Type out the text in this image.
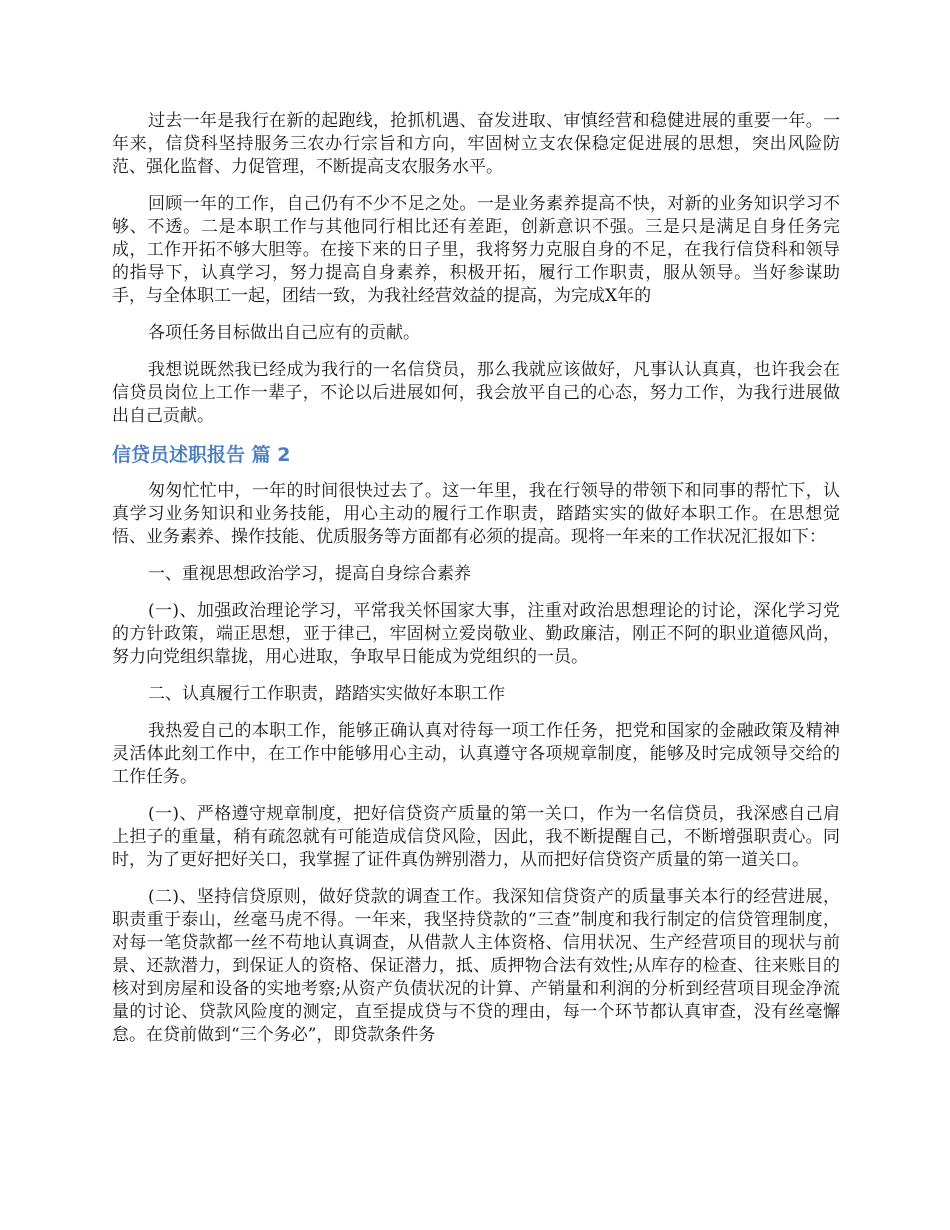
过去一年是我行在新的起跑线，抢抓机遇、奋发进取、审慎经营和稳健进展的重要一年。一年来，信贷科坚持服务三农办行宗旨和方向，牢固树立支农保稳定促进展的思想，突出风险防范、强化监督、力促管理，不断提高支农服务水平。

回顾一年的工作，自己仍有不少不足之处。一是业务素养提高不快，对新的业务知识学习不够、不透。二是本职工作与其他同行相比还有差距，创新意识不强。三是只是满足自身任务完成，工作开拓不够大胆等。在接下来的日子里，我将努力克服自身的不足，在我行信贷科和领导的指导下，认真学习，努力提高自身素养，积极开拓，履行工作职责，服从领导。当好参谋助手，与全体职工一起，团结一致，为我社经营效益的提高，为完成X年的

各项任务目标做出自己应有的贡献。

我想说既然我已经成为我行的一名信贷员，那么我就应该做好，凡事认认真真，也许我会在信贷员岗位上工作一辈子，不论以后进展如何，我会放平自己的心态，努力工作，为我行进展做出自己贡献。

信贷员述职报告 篇 2

匆匆忙忙中，一年的时间很快过去了。这一年里，我在行领导的带领下和同事的帮忙下，认真学习业务知识和业务技能，用心主动的履行工作职责，踏踏实实的做好本职工作。在思想觉悟、业务素养、操作技能、优质服务等方面都有必须的提高。现将一年来的工作状况汇报如下：

一、重视思想政治学习，提高自身综合素养

(一)、加强政治理论学习，平常我关怀国家大事，注重对政治思想理论的讨论，深化学习党的方针政策，端正思想，亚于律己，牢固树立爱岗敬业、勤政廉洁，刚正不阿的职业道德风尚，努力向党组织靠拢，用心进取，争取早日能成为党组织的一员。

二、认真履行工作职责，踏踏实实做好本职工作

我热爱自己的本职工作，能够正确认真对待每一项工作任务，把党和国家的金融政策及精神灵活体此刻工作中，在工作中能够用心主动，认真遵守各项规章制度，能够及时完成领导交给的工作任务。

(一)、严格遵守规章制度，把好信贷资产质量的第一关口，作为一名信贷员，我深感自己肩上担子的重量，稍有疏忽就有可能造成信贷风险，因此，我不断提醒自己，不断增强职责心。同时，为了更好把好关口，我掌握了证件真伪辨别潜力，从而把好信贷资产质量的第一道关口。

(二)、坚持信贷原则，做好贷款的调查工作。我深知信贷资产的质量事关本行的经营进展，职责重于泰山，丝毫马虎不得。一年来，我坚持贷款的“三查”制度和我行制定的信贷管理制度，对每一笔贷款都一丝不苟地认真调查，从借款人主体资格、信用状况、生产经营项目的现状与前景、还款潜力，到保证人的资格、保证潜力，抵、质押物合法有效性;从库存的检查、往来账目的核对到房屋和设备的实地考察;从资产负债状况的计算、产销量和利润的分析到经营项目现金净流量的讨论、贷款风险度的测定，直至提成贷与不贷的理由，每一个环节都认真审查，没有丝毫懈怠。在贷前做到“三个务必”，即贷款条件务
